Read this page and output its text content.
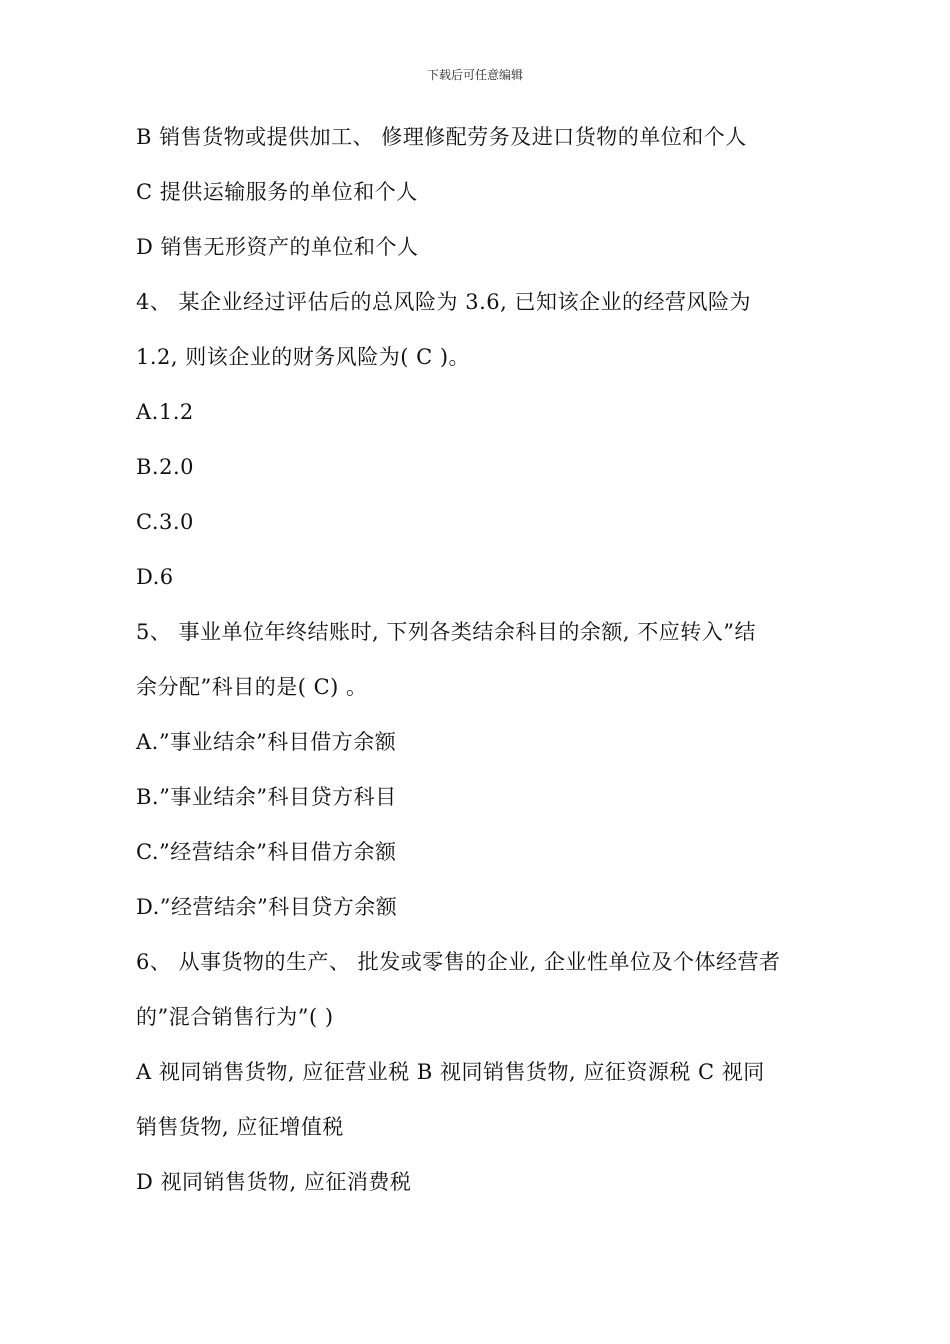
下载后可任意编辑
B 销售货物或提供加工、 修理修配劳务及进口货物的单位和个人
C 提供运输服务的单位和个人
D 销售无形资产的单位和个人
4、 某企业经过评估后的总风险为 3.6, 已知该企业的经营风险为
1.2, 则该企业的财务风险为( C )。
A.1.2
B.2.0
C.3.0
D.6
5、 事业单位年终结账时, 下列各类结余科目的余额, 不应转入”结
余分配”科目的是( C) 。
A.”事业结余”科目借方余额
B.”事业结余”科目贷方科目
C.”经营结余”科目借方余额
D.”经营结余”科目贷方余额
6、 从事货物的生产、 批发或零售的企业, 企业性单位及个体经营者
的”混合销售行为”( )
A 视同销售货物, 应征营业税 B 视同销售货物, 应征资源税 C 视同
销售货物, 应征增值税
D 视同销售货物, 应征消费税
